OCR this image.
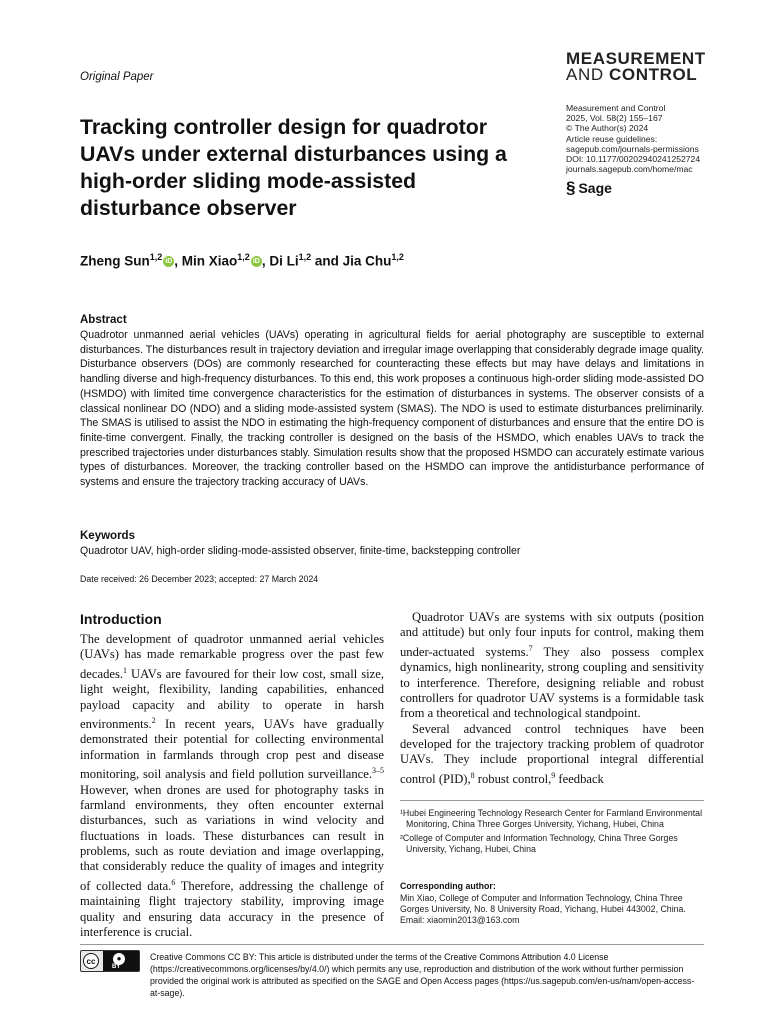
MEASUREMENT
AND CONTROL
Original Paper
Measurement and Control
2025, Vol. 58(2) 155–167
© The Author(s) 2024
Article reuse guidelines:
sagepub.com/journals-permissions
DOI: 10.1177/00202940241252724
journals.sagepub.com/home/mac
§ Sage
Tracking controller design for quadrotor UAVs under external disturbances using a high-order sliding mode-assisted disturbance observer
Zheng Sun$^{1,2}$ iD , Min Xiao$^{1,2}$ iD , Di Li$^{1,2}$ and Jia Chu$^{1,2}$
Abstract
Quadrotor unmanned aerial vehicles (UAVs) operating in agricultural fields for aerial photography are susceptible to external disturbances. The disturbances result in trajectory deviation and irregular image overlapping that considerably degrade image quality. Disturbance observers (DOs) are commonly researched for counteracting these effects but may have delays and limitations in handling diverse and high-frequency disturbances. To this end, this work proposes a continuous high-order sliding mode-assisted DO (HSMDO) with limited time convergence characteristics for the estimation of disturbances in systems. The observer consists of a classical nonlinear DO (NDO) and a sliding mode-assisted system (SMAS). The NDO is used to estimate disturbances preliminarily. The SMAS is utilised to assist the NDO in estimating the high-frequency component of disturbances and ensure that the entire DO is finite-time convergent. Finally, the tracking controller is designed on the basis of the HSMDO, which enables UAVs to track the prescribed trajectories under disturbances stably. Simulation results show that the proposed HSMDO can accurately estimate various types of disturbances. Moreover, the tracking controller based on the HSMDO can improve the antidisturbance performance of systems and ensure the trajectory tracking accuracy of UAVs.
Keywords
Quadrotor UAV, high-order sliding-mode-assisted observer, finite-time, backstepping controller
Date received: 26 December 2023; accepted: 27 March 2024
Introduction

The development of quadrotor unmanned aerial vehicles (UAVs) has made remarkable progress over the past few decades.$^1$ UAVs are favoured for their low cost, small size, light weight, flexibility, landing capabilities, enhanced payload capacity and ability to operate in harsh environments.$^2$ In recent years, UAVs have gradually demonstrated their potential for collecting environmental information in farmlands through crop pest and disease monitoring, soil analysis and field pollution surveillance.$^{3-5}$ However, when drones are used for photography tasks in farmland environments, they often encounter external disturbances, such as variations in wind velocity and fluctuations in loads. These disturbances can result in problems, such as route deviation and image overlapping, that considerably reduce the quality of images and integrity of collected data.$^6$ Therefore, addressing the challenge of maintaining flight trajectory stability, improving image quality and ensuring data accuracy in the presence of interference is crucial.

Quadrotor UAVs are systems with six outputs (position and attitude) but only four inputs for control, making them under-actuated systems.$^7$ They also possess complex dynamics, high nonlinearity, strong coupling and sensitivity to interference. Therefore, designing reliable and robust controllers for quadrotor UAV systems is a formidable task from a theoretical and technological standpoint.

Several advanced control techniques have been developed for the trajectory tracking problem of quadrotor UAVs. They include proportional integral differential control (PID),$^8$ robust control,$^9$ feedback

¹Hubei Engineering Technology Research Center for Farmland Environmental Monitoring, China Three Gorges University, Yichang, Hubei, China

²College of Computer and Information Technology, China Three Gorges University, Yichang, Hubei, China

Corresponding author:
Min Xiao, College of Computer and Information Technology, China Three Gorges University, No. 8 University Road, Yichang, Hubei 443002, China.
Email: xiaomin2013@163.com
cc	●
BY
Creative Commons CC BY: This article is distributed under the terms of the Creative Commons Attribution 4.0 License (https://creativecommons.org/licenses/by/4.0/) which permits any use, reproduction and distribution of the work without further permission provided the original work is attributed as specified on the SAGE and Open Access pages (https://us.sagepub.com/en-us/nam/open-access-at-sage).
